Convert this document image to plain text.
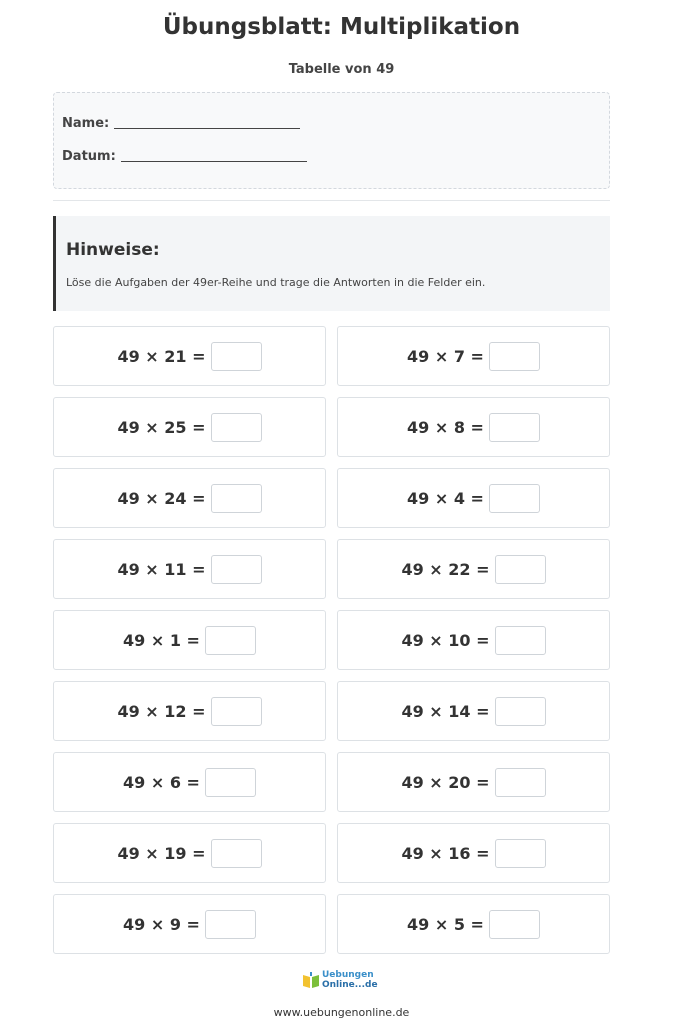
Übungsblatt: Multiplikation
Tabelle von 49
Name:
Datum:
Hinweise:
Löse die Aufgaben der 49er-Reihe und trage die Antworten in die Felder ein.
49 × 21 =	49 × 7 =
49 × 25 =	49 × 8 =
49 × 24 =	49 × 4 =
49 × 11 =	49 × 22 =
49 × 1 =	49 × 10 =
49 × 12 =	49 × 14 =
49 × 6 =	49 × 20 =
49 × 19 =	49 × 16 =
49 × 9 =	49 × 5 =
Uebungen
Online...de
www.uebungenonline.de
